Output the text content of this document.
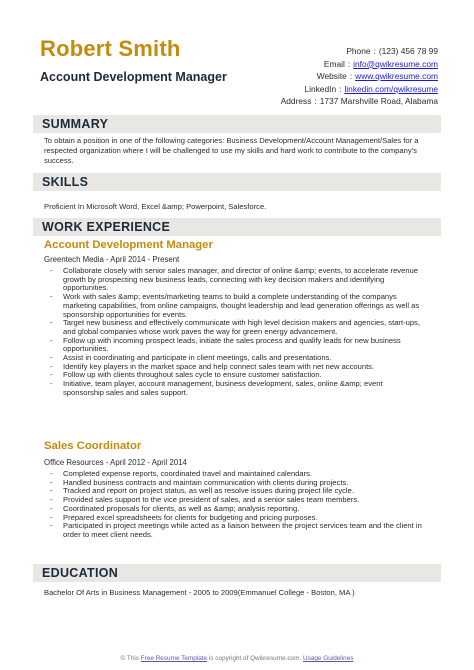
Robert Smith
Account Development Manager
Phone : (123) 456 78 99
Email : info@qwikresume.com
Website : www.qwikresume.com
LinkedIn : linkedin.com/qwikresume
Address : 1737 Marshville Road, Alabama
SUMMARY
To obtain a position in one of the following categories: Business Development/Account Management/Sales for a respected organization where I will be challenged to use my skills and hard work to contribute to the company's success.
SKILLS
Proficient In Microsoft Word, Excel &amp; Powerpoint, Salesforce.
WORK EXPERIENCE
Account Development Manager
Greentech Media - April 2014 - Present
- Collaborate closely with senior sales manager, and director of online &amp; events, to accelerate revenue growth by prospecting new business leads, connecting with key decision makers and identifying opportunities.
- Work with sales &amp; events/marketing teams to build a complete understanding of the companys marketing capabilities, from online campaigns, thought leadership and lead generation offerings as well as sponsorship opportunities for events.
- Target new business and effectively communicate with high level decision makers and agencies, start-ups, and global companies whose work paves the way for green energy advancement.
- Follow up with incoming prospect leads, initiate the sales process and qualify leads for new business opportunities.
- Assist in coordinating and participate in client meetings, calls and presentations.
- Identify key players in the market space and help connect sales team with net new accounts.
- Follow up with clients throughout sales cycle to ensure customer satisfaction.
- Initiative, team player, account management, business development, sales, online &amp; event sponsorship sales and sales support.
Sales Coordinator
Office Resources - April 2012 - April 2014
- Completed expense reports, coordinated travel and maintained calendars.
- Handled business contracts and maintain communication with clients during projects.
- Tracked and report on project status, as well as resolve issues during project life cycle.
- Provided sales support to the vice president of sales, and a senior sales team members.
- Coordinated proposals for clients, as well as &amp; analysis reporting.
- Prepared excel spreadsheets for clients for budgeting and pricing purposes.
- Participated in project meetings while acted as a liaison between the project services team and the client in order to meet client needs.
EDUCATION
Bachelor Of Arts in Business Management - 2005 to 2009(Emmanuel College - Boston, MA )
© This Free Resume Template is copyright of Qwikresume.com. Usage Guidelines
